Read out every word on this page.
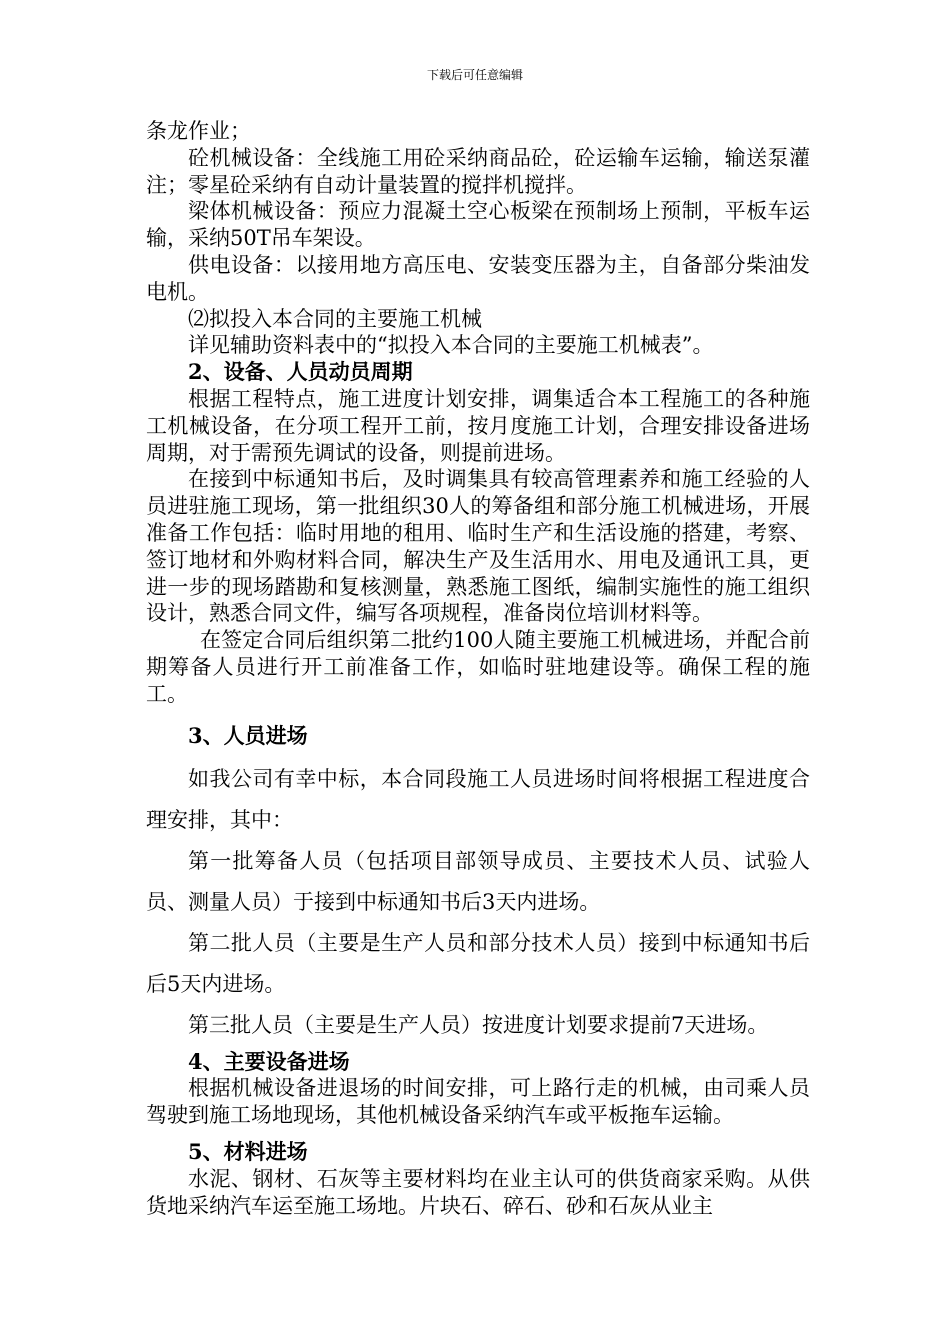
下载后可任意编辑

条龙作业；

砼机械设备：全线施工用砼采纳商品砼，砼运输车运输，输送泵灌注；零星砼采纳有自动计量装置的搅拌机搅拌。

梁体机械设备：预应力混凝土空心板梁在预制场上预制，平板车运输，采纳50T吊车架设。

供电设备：以接用地方高压电、安装变压器为主，自备部分柴油发电机。

⑵拟投入本合同的主要施工机械

详见辅助资料表中的“拟投入本合同的主要施工机械表”。

2、设备、人员动员周期

根据工程特点，施工进度计划安排，调集适合本工程施工的各种施工机械设备，在分项工程开工前，按月度施工计划，合理安排设备进场周期，对于需预先调试的设备，则提前进场。

在接到中标通知书后，及时调集具有较高管理素养和施工经验的人员进驻施工现场，第一批组织30人的筹备组和部分施工机械进场，开展准备工作包括：临时用地的租用、临时生产和生活设施的搭建，考察、签订地材和外购材料合同，解决生产及生活用水、用电及通讯工具，更进一步的现场踏勘和复核测量，熟悉施工图纸，编制实施性的施工组织设计，熟悉合同文件，编写各项规程，准备岗位培训材料等。

在签定合同后组织第二批约100人随主要施工机械进场，并配合前期筹备人员进行开工前准备工作，如临时驻地建设等。确保工程的施工。

3、人员进场

如我公司有幸中标，本合同段施工人员进场时间将根据工程进度合理安排，其中：

第一批筹备人员（包括项目部领导成员、主要技术人员、试验人员、测量人员）于接到中标通知书后3天内进场。

第二批人员（主要是生产人员和部分技术人员）接到中标通知书后后5天内进场。

第三批人员（主要是生产人员）按进度计划要求提前7天进场。

4、主要设备进场

根据机械设备进退场的时间安排，可上路行走的机械，由司乘人员驾驶到施工场地现场，其他机械设备采纳汽车或平板拖车运输。

5、材料进场

水泥、钢材、石灰等主要材料均在业主认可的供货商家采购。从供货地采纳汽车运至施工场地。片块石、碎石、砂和石灰从业主
